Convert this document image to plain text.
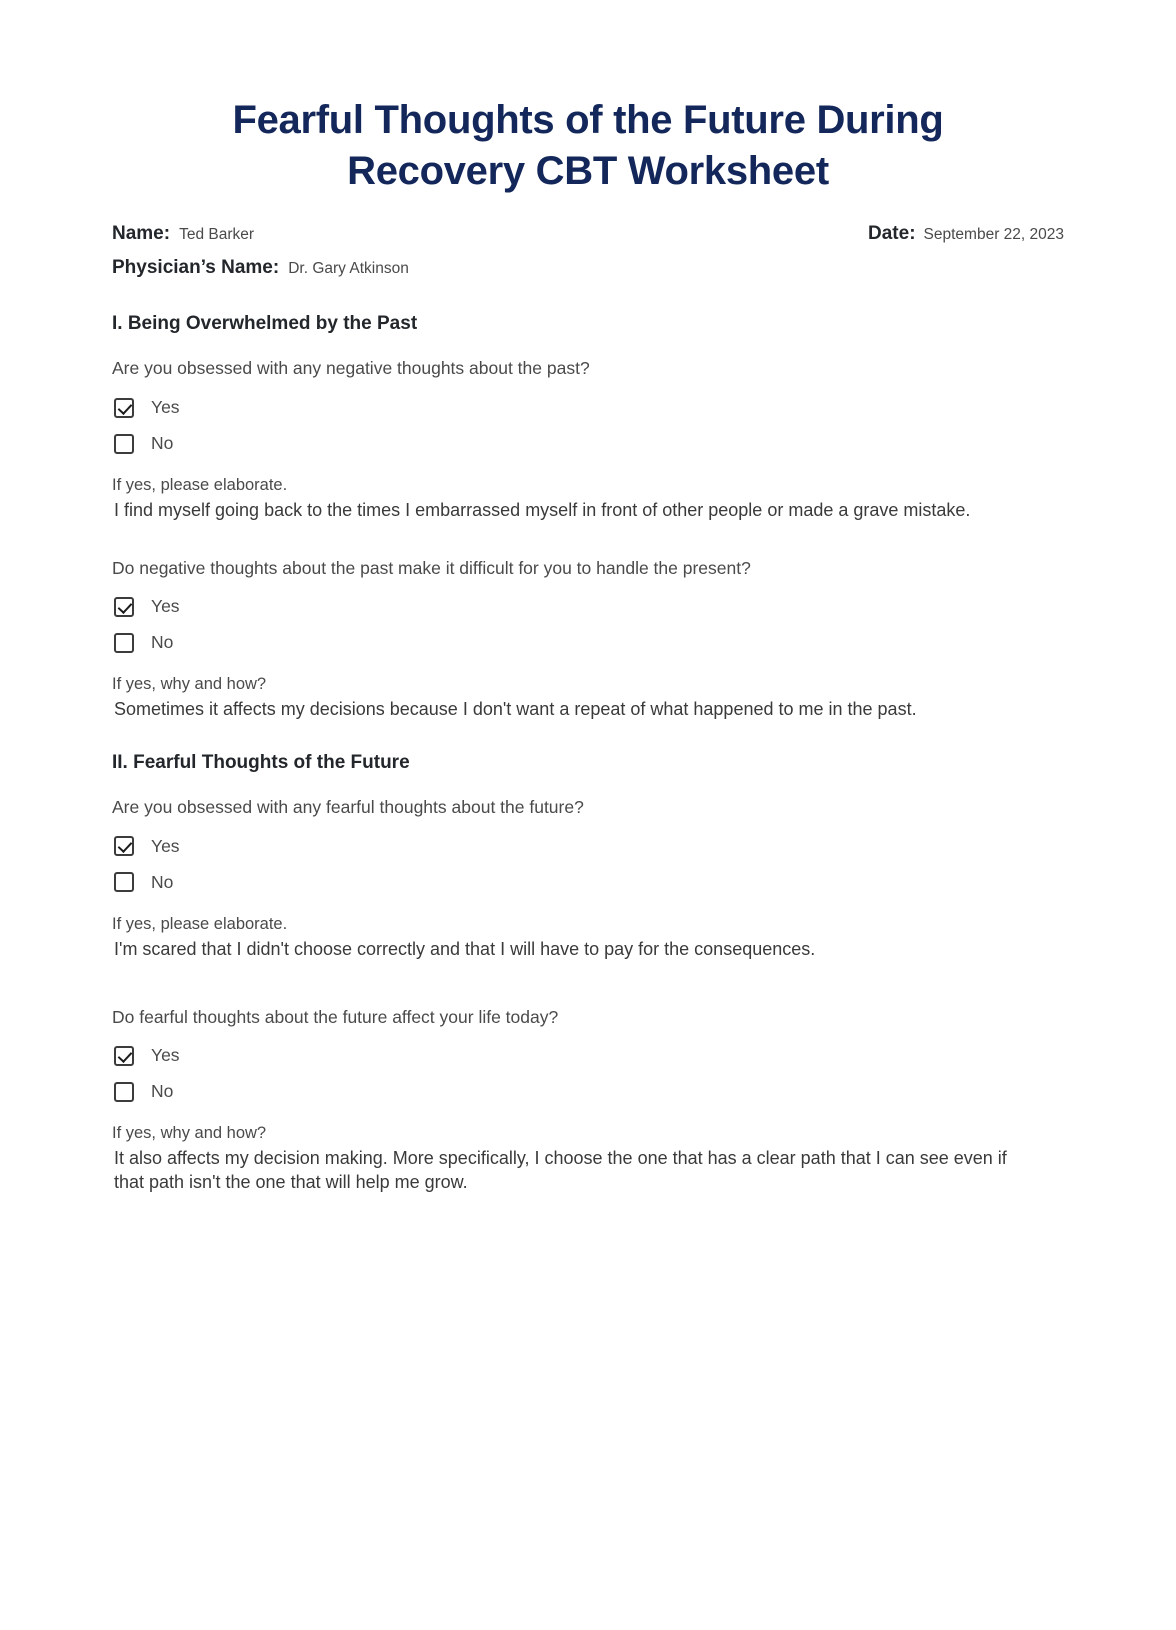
Fearful Thoughts of the Future During Recovery CBT Worksheet
Name: Ted Barker	Date: September 22, 2023
Physician’s Name: Dr. Gary Atkinson
I. Being Overwhelmed by the Past
Are you obsessed with any negative thoughts about the past?
Yes
No
If yes, please elaborate.
I find myself going back to the times I embarrassed myself in front of other people or made a grave mistake.
Do negative thoughts about the past make it difficult for you to handle the present?
Yes
No
If yes, why and how?
Sometimes it affects my decisions because I don't want a repeat of what happened to me in the past.
II. Fearful Thoughts of the Future
Are you obsessed with any fearful thoughts about the future?
Yes
No
If yes, please elaborate.
I'm scared that I didn't choose correctly and that I will have to pay for the consequences.
Do fearful thoughts about the future affect your life today?
Yes
No
If yes, why and how?
It also affects my decision making. More specifically, I choose the one that has a clear path that I can see even if that path isn't the one that will help me grow.
